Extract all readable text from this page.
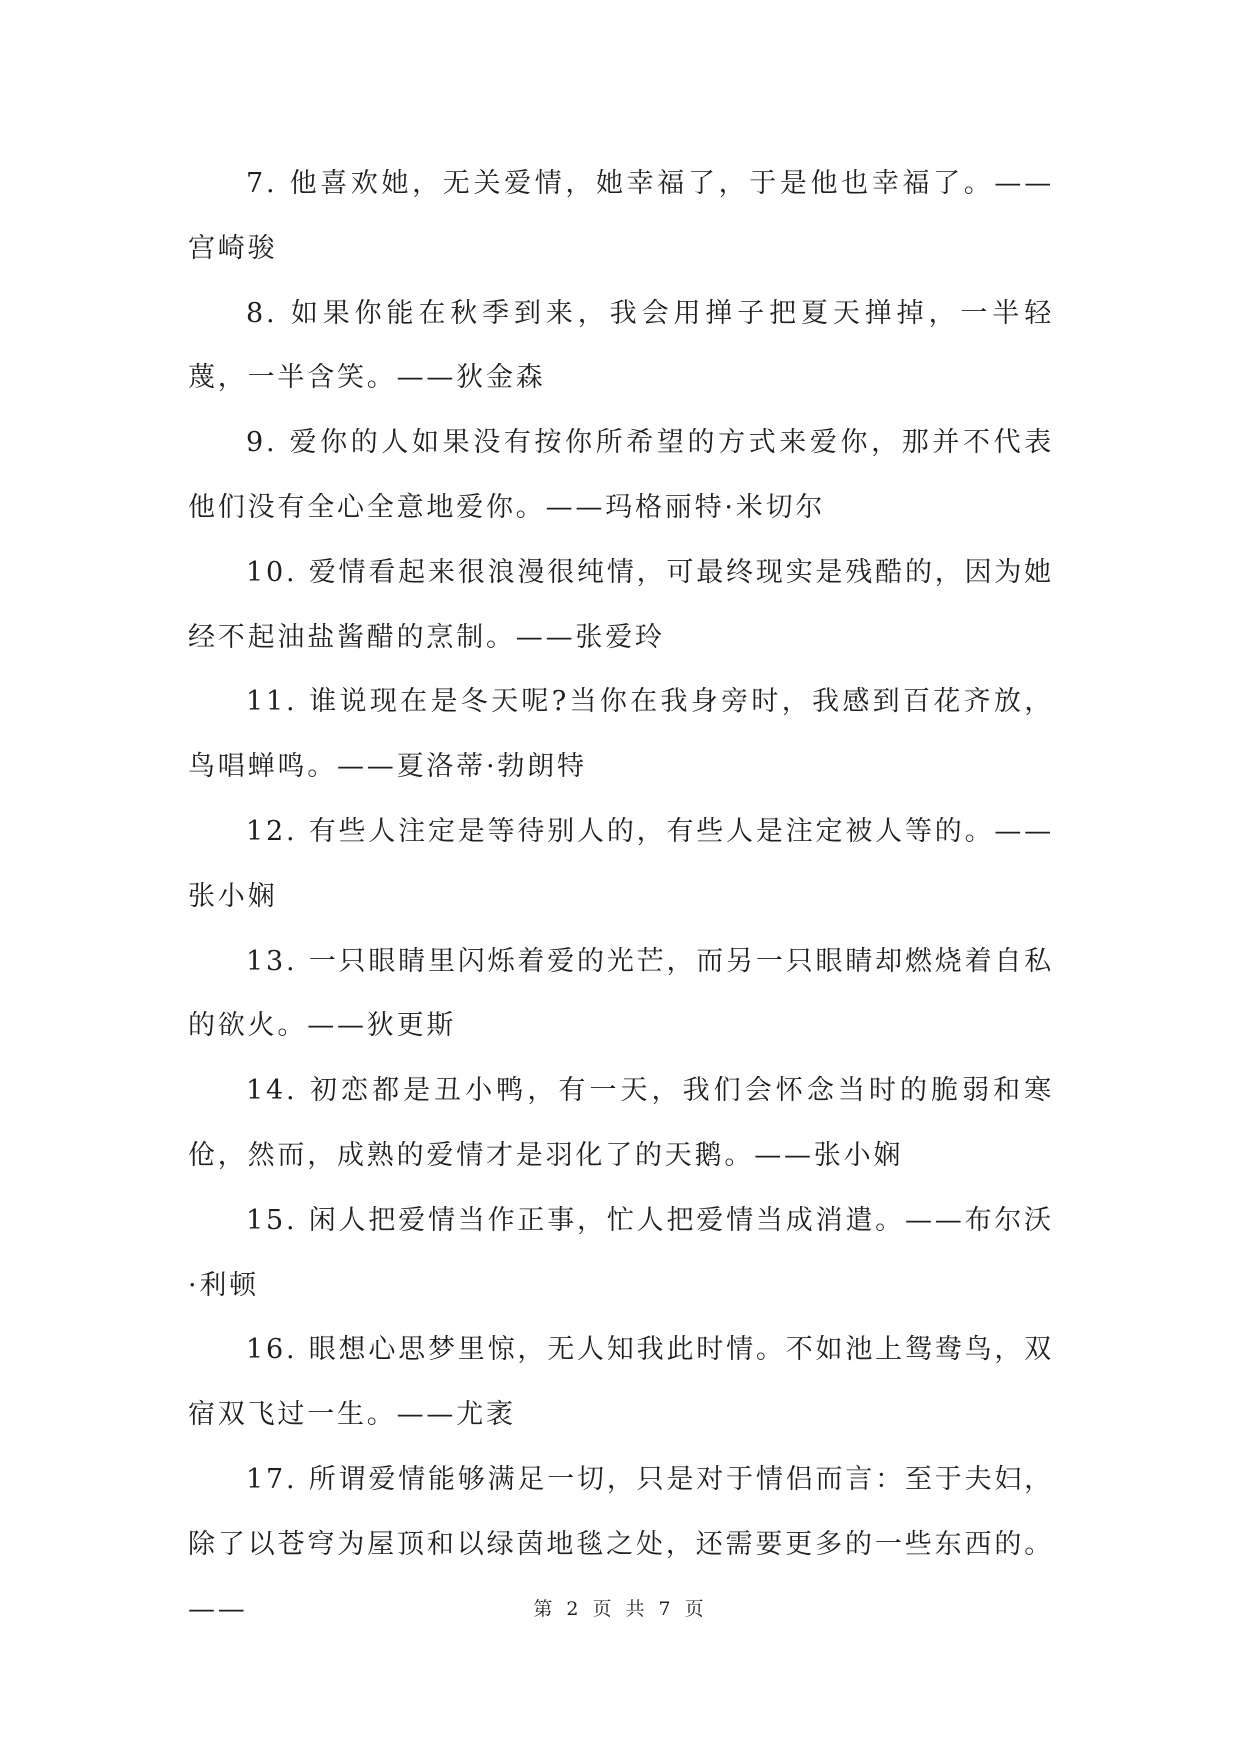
7. 他喜欢她，无关爱情，她幸福了，于是他也幸福了。——宫崎骏

8. 如果你能在秋季到来，我会用掸子把夏天掸掉，一半轻蔑，一半含笑。——狄金森

9. 爱你的人如果没有按你所希望的方式来爱你，那并不代表他们没有全心全意地爱你。——玛格丽特·米切尔

10. 爱情看起来很浪漫很纯情，可最终现实是残酷的，因为她经不起油盐酱醋的烹制。——张爱玲

11. 谁说现在是冬天呢?当你在我身旁时，我感到百花齐放，鸟唱蝉鸣。——夏洛蒂·勃朗特

12. 有些人注定是等待别人的，有些人是注定被人等的。——张小娴

13. 一只眼睛里闪烁着爱的光芒，而另一只眼睛却燃烧着自私的欲火。——狄更斯

14. 初恋都是丑小鸭，有一天，我们会怀念当时的脆弱和寒伧，然而，成熟的爱情才是羽化了的天鹅。——张小娴

15. 闲人把爱情当作正事，忙人把爱情当成消遣。——布尔沃·利顿

16. 眼想心思梦里惊，无人知我此时情。不如池上鸳鸯鸟，双宿双飞过一生。——尤袤

17. 所谓爱情能够满足一切，只是对于情侣而言：至于夫妇，除了以苍穹为屋顶和以绿茵地毯之处，还需要更多的一些东西的。——	第 2 页 共 7 页
